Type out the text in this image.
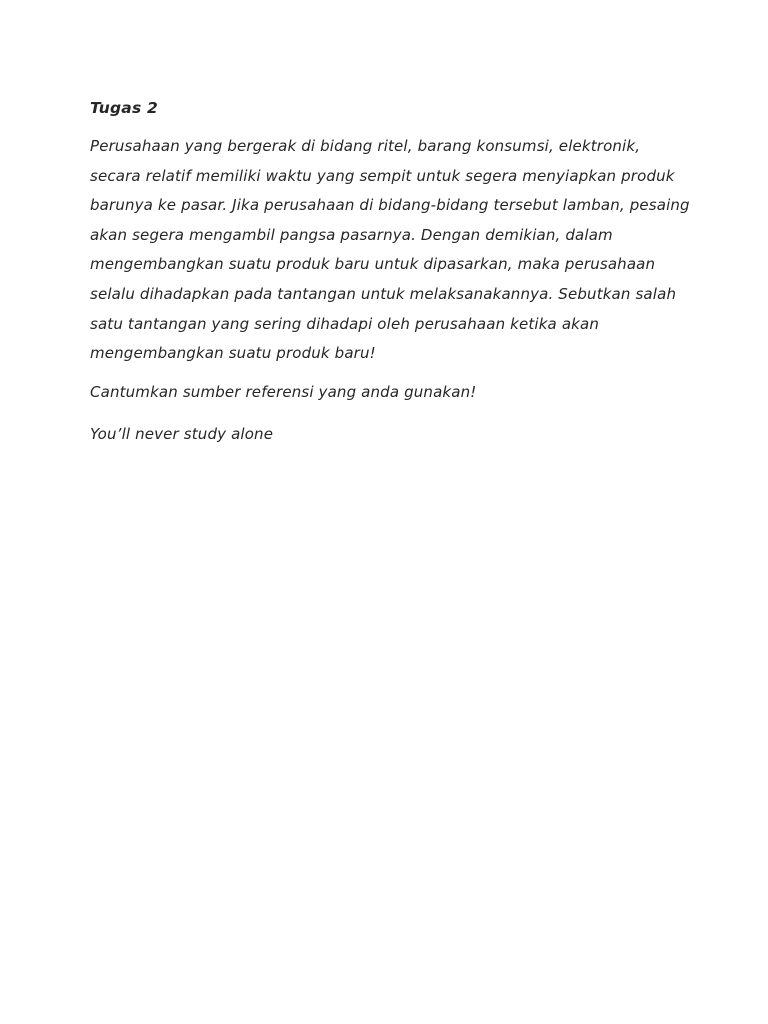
Tugas 2

Perusahaan yang bergerak di bidang ritel, barang konsumsi, elektronik, secara relatif memiliki waktu yang sempit untuk segera menyiapkan produk barunya ke pasar. Jika perusahaan di bidang-bidang tersebut lamban, pesaing akan segera mengambil pangsa pasarnya. Dengan demikian, dalam mengembangkan suatu produk baru untuk dipasarkan, maka perusahaan selalu dihadapkan pada tantangan untuk melaksanakannya. Sebutkan salah satu tantangan yang sering dihadapi oleh perusahaan ketika akan mengembangkan suatu produk baru!

Cantumkan sumber referensi yang anda gunakan!

You’ll never study alone
